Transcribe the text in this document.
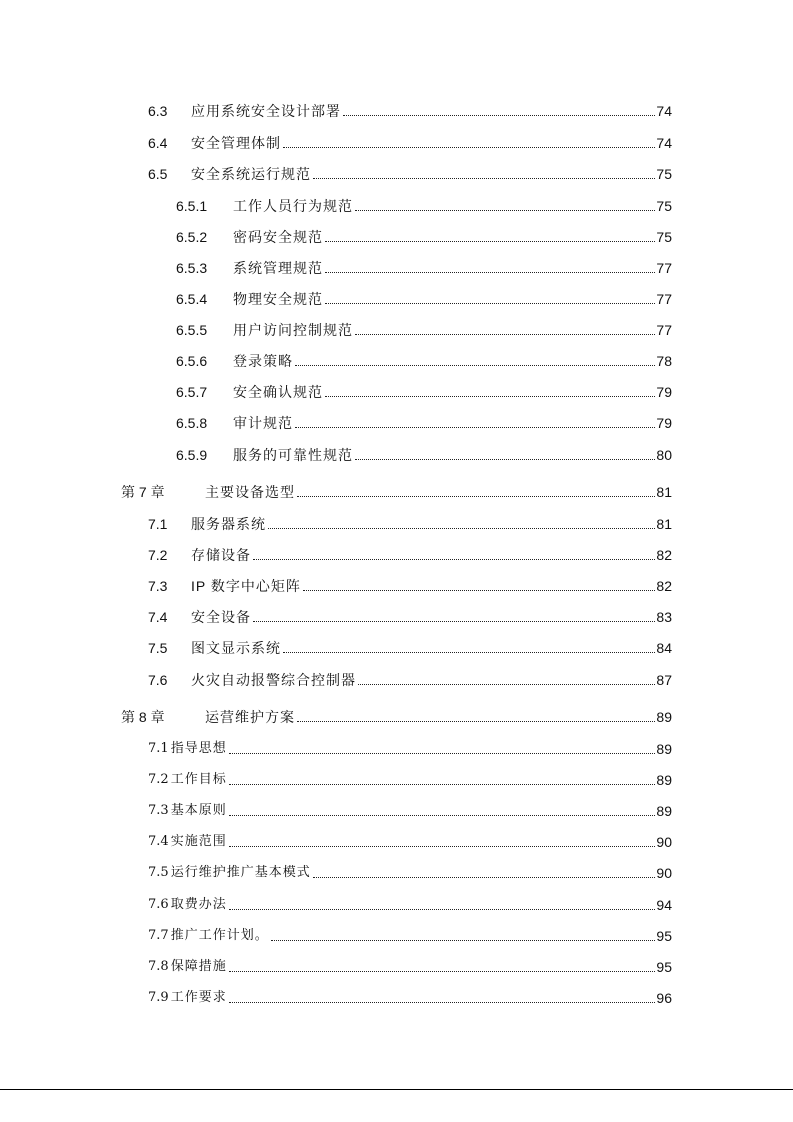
6.3	应用系统安全设计部署	74
6.4	安全管理体制	74
6.5	安全系统运行规范	75
6.5.1	工作人员行为规范	75
6.5.2	密码安全规范	75
6.5.3	系统管理规范	77
6.5.4	物理安全规范	77
6.5.5	用户访问控制规范	77
6.5.6	登录策略	78
6.5.7	安全确认规范	79
6.5.8	审计规范	79
6.5.9	服务的可靠性规范	80
第 7 章	主要设备选型	81
7.1	服务器系统	81
7.2	存储设备	82
7.3	IP 数字中心矩阵	82
7.4	安全设备	83
7.5	图文显示系统	84
7.6	火灾自动报警综合控制器	87
第 8 章	运营维护方案	89
7.1 指导思想	89
7.2 工作目标	89
7.3 基本原则	89
7.4 实施范围	90
7.5 运行维护推广基本模式	90
7.6 取费办法	94
7.7 推广工作计划。	95
7.8 保障措施	95
7.9 工作要求	96
